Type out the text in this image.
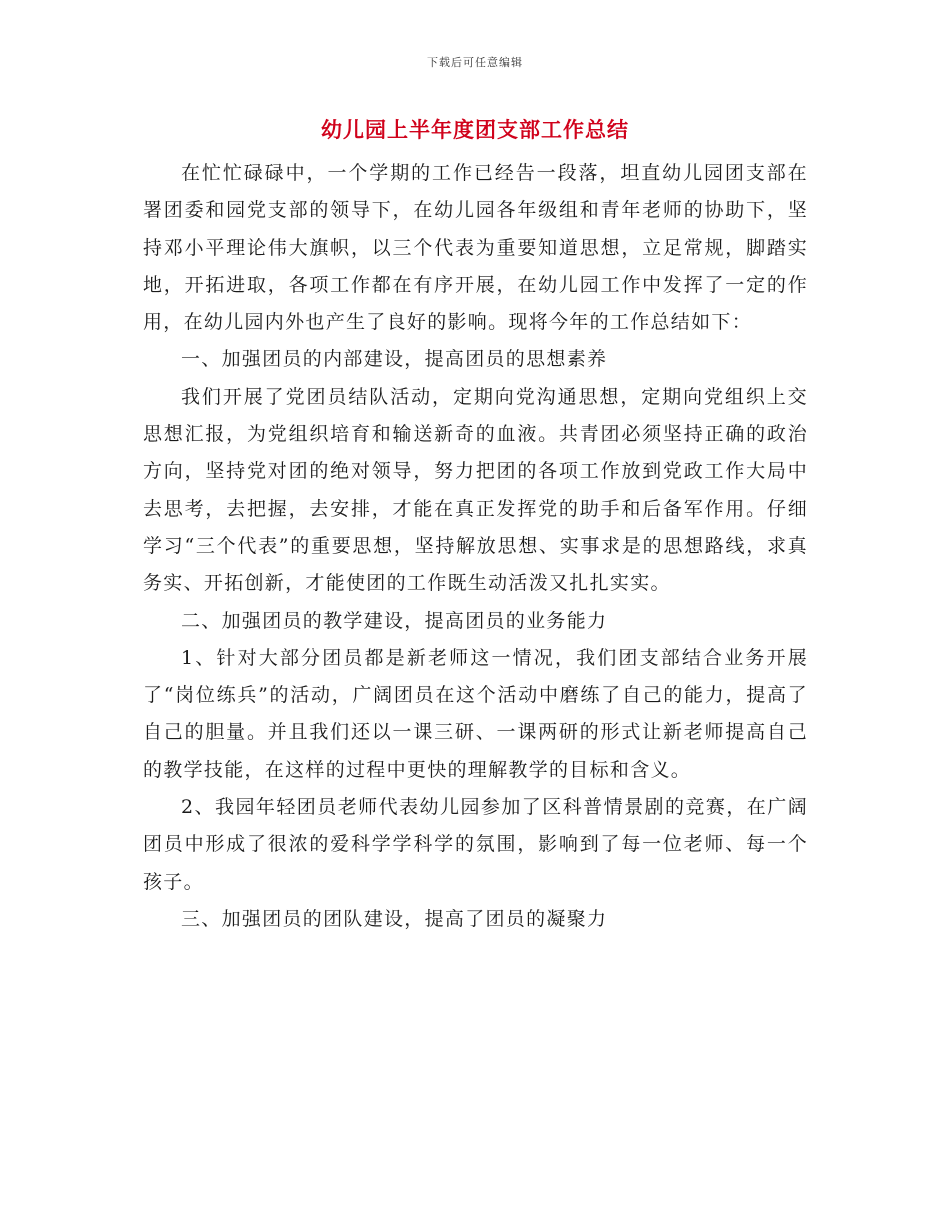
下载后可任意编辑
幼儿园上半年度团支部工作总结

在忙忙碌碌中，一个学期的工作已经告一段落，坦直幼儿园团支部在署团委和园党支部的领导下，在幼儿园各年级组和青年老师的协助下，坚持邓小平理论伟大旗帜，以三个代表为重要知道思想，立足常规，脚踏实地，开拓进取，各项工作都在有序开展，在幼儿园工作中发挥了一定的作用，在幼儿园内外也产生了良好的影响。现将今年的工作总结如下：

一、加强团员的内部建设，提高团员的思想素养

我们开展了党团员结队活动，定期向党沟通思想，定期向党组织上交思想汇报，为党组织培育和输送新奇的血液。共青团必须坚持正确的政治方向，坚持党对团的绝对领导，努力把团的各项工作放到党政工作大局中去思考，去把握，去安排，才能在真正发挥党的助手和后备军作用。仔细学习“三个代表”的重要思想，坚持解放思想、实事求是的思想路线，求真务实、开拓创新，才能使团的工作既生动活泼又扎扎实实。

二、加强团员的教学建设，提高团员的业务能力

1、针对大部分团员都是新老师这一情况，我们团支部结合业务开展了“岗位练兵”的活动，广阔团员在这个活动中磨练了自己的能力，提高了自己的胆量。并且我们还以一课三研、一课两研的形式让新老师提高自己的教学技能，在这样的过程中更快的理解教学的目标和含义。

2、我园年轻团员老师代表幼儿园参加了区科普情景剧的竞赛，在广阔团员中形成了很浓的爱科学学科学的氛围，影响到了每一位老师、每一个孩子。

三、加强团员的团队建设，提高了团员的凝聚力
